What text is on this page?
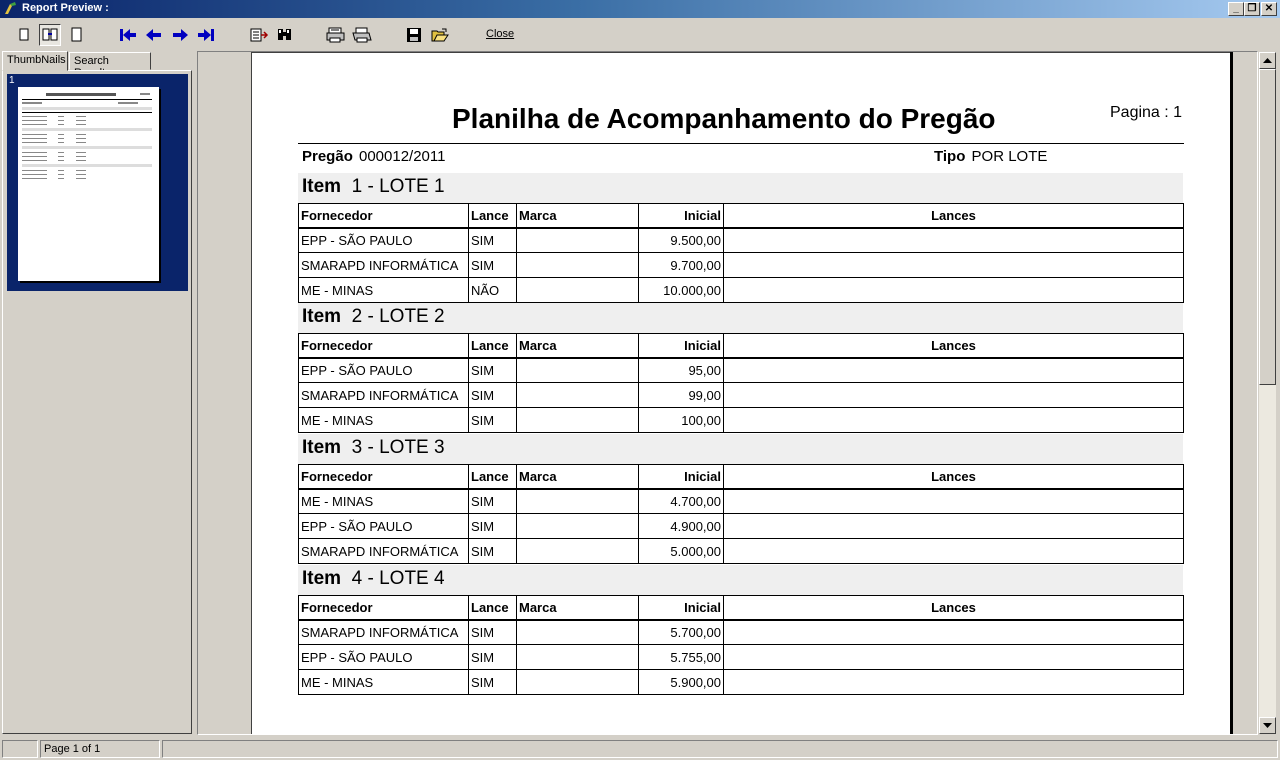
Report Preview :	_ ❐ ✕
Close
ThumbNails Search
1
Planilha de Acompanhamento do Pregão	Pagina : 1
Pregão 000012/2011	Tipo POR LOTE
Item 1 - LOTE 1
Fornecedor	Lance	Marca	Inicial	Lances
EPP - SÃO PAULO	SIM		9.500,00	
SMARAPD INFORMÁTICA	SIM		9.700,00	
ME - MINAS	NÃO		10.000,00	
Item 2 - LOTE 2
Fornecedor	Lance	Marca	Inicial	Lances
EPP - SÃO PAULO	SIM		95,00	
SMARAPD INFORMÁTICA	SIM		99,00	
ME - MINAS	SIM		100,00	
Item 3 - LOTE 3
Fornecedor	Lance	Marca	Inicial	Lances
ME - MINAS	SIM		4.700,00	
EPP - SÃO PAULO	SIM		4.900,00	
SMARAPD INFORMÁTICA	SIM		5.000,00	
Item 4 - LOTE 4
Fornecedor	Lance	Marca	Inicial	Lances
SMARAPD INFORMÁTICA	SIM		5.700,00	
EPP - SÃO PAULO	SIM		5.755,00	
ME - MINAS	SIM		5.900,00	
Page 1 of 1
